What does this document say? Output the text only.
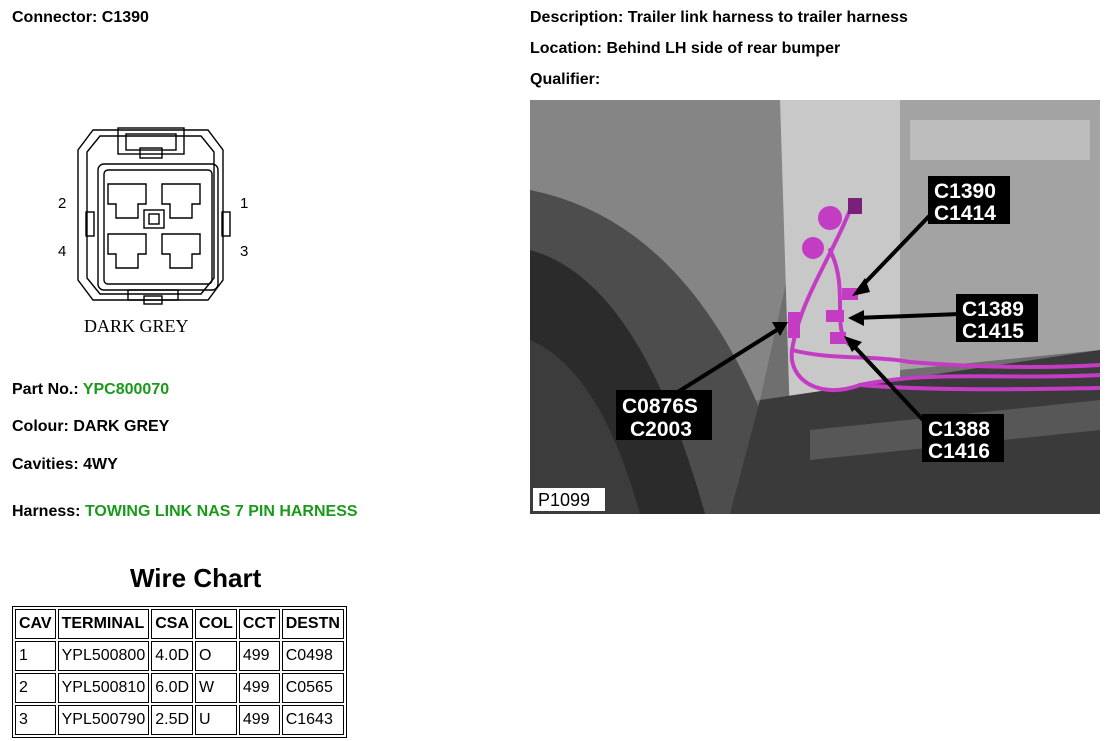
Connector: C1390	Description: Trailer link harness to trailer harness
Location: Behind LH side of rear bumper
Qualifier:
2	1
4	3
DARK GREY
C1390
C1414
C1389
C1415
C0876S
C2003	C1388
C1416
P1099
Part No.: YPC800070
Colour: DARK GREY
Cavities: 4WY
Harness: TOWING LINK NAS 7 PIN HARNESS
Wire Chart
CAV	TERMINAL	CSA	COL	CCT	DESTN
1	YPL500800	4.0D	O	499	C0498
2	YPL500810	6.0D	W	499	C0565
3	YPL500790	2.5D	U	499	C1643
